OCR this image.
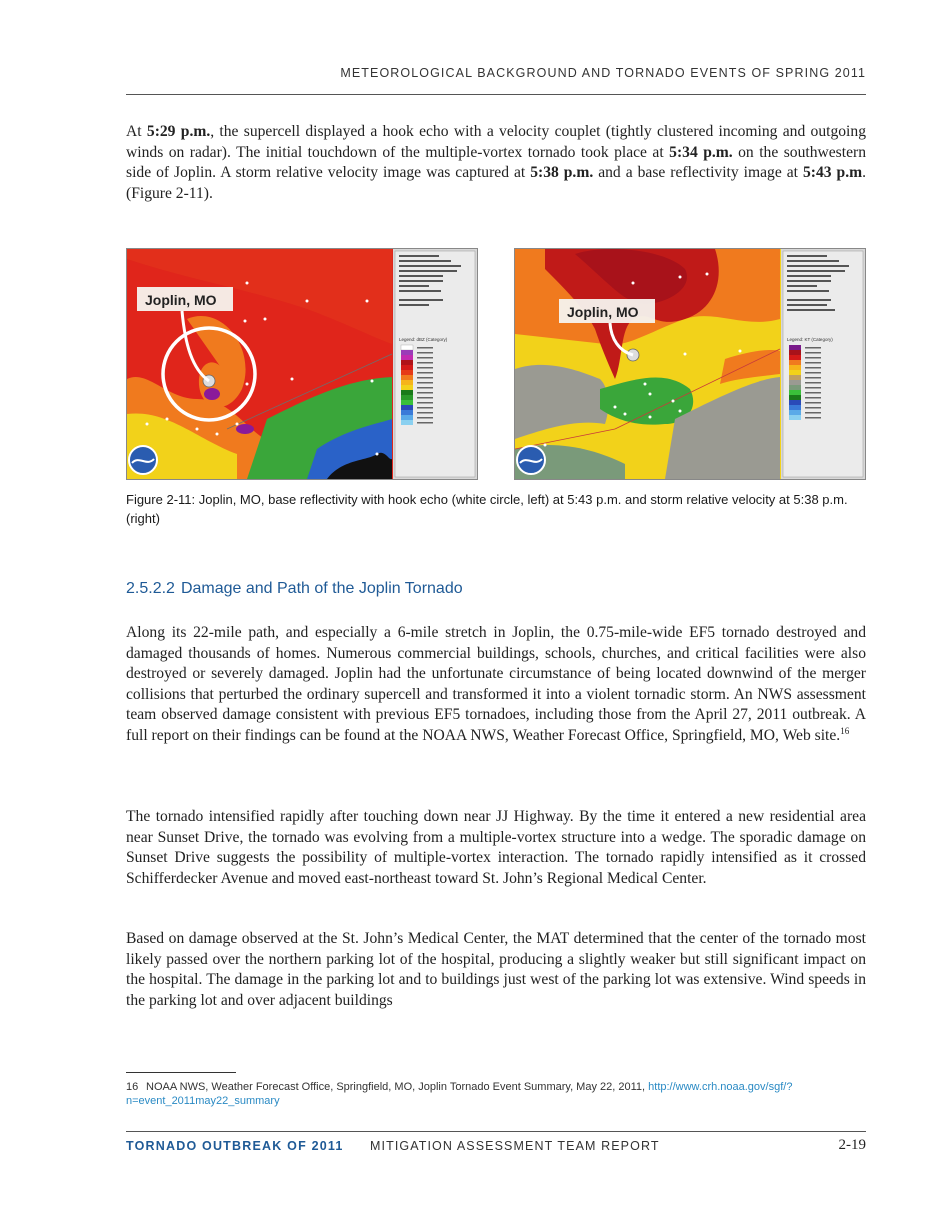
METEOROLOGICAL BACKGROUND AND TORNADO EVENTS OF SPRING 2011

At 5:29 p.m., the supercell displayed a hook echo with a velocity couplet (tightly clustered incoming and outgoing winds on radar). The initial touchdown of the multiple-vortex tornado took place at 5:34 p.m. on the southwestern side of Joplin. A storm relative velocity image was captured at 5:38 p.m. and a base reflectivity image at 5:43 p.m. (Figure 2-11).

Joplin, MO
Legend: dBZ (Category)
Joplin, MO
Legend: KT (Category)

Figure 2-11: Joplin, MO, base reflectivity with hook echo (white circle, left) at 5:43 p.m. and storm relative velocity at 5:38 p.m. (right)

2.5.2.2 Damage and Path of the Joplin Tornado

Along its 22-mile path, and especially a 6-mile stretch in Joplin, the 0.75-mile-wide EF5 tornado destroyed and damaged thousands of homes. Numerous commercial buildings, schools, churches, and critical facilities were also destroyed or severely damaged. Joplin had the unfortunate circumstance of being located downwind of the merger collisions that perturbed the ordinary supercell and transformed it into a violent tornadic storm. An NWS assessment team observed damage consistent with previous EF5 tornadoes, including those from the April 27, 2011 outbreak. A full report on their findings can be found at the NOAA NWS, Weather Forecast Office, Springfield, MO, Web site.$^{16}$

The tornado intensified rapidly after touching down near JJ Highway. By the time it entered a new residential area near Sunset Drive, the tornado was evolving from a multiple-vortex structure into a wedge. The sporadic damage on Sunset Drive suggests the possibility of multiple-vortex interaction. The tornado rapidly intensified as it crossed Schifferdecker Avenue and moved east-northeast toward St. John’s Regional Medical Center.

Based on damage observed at the St. John’s Medical Center, the MAT determined that the center of the tornado most likely passed over the northern parking lot of the hospital, producing a slightly weaker but still significant impact on the hospital. The damage in the parking lot and to buildings just west of the parking lot was extensive. Wind speeds in the parking lot and over adjacent buildings

16 NOAA NWS, Weather Forecast Office, Springfield, MO, Joplin Tornado Event Summary, May 22, 2011, http://www.crh.noaa.gov/sgf/?n=event_2011may22_summary

TORNADO OUTBREAK OF 2011 MITIGATION ASSESSMENT TEAM REPORT	2-19
